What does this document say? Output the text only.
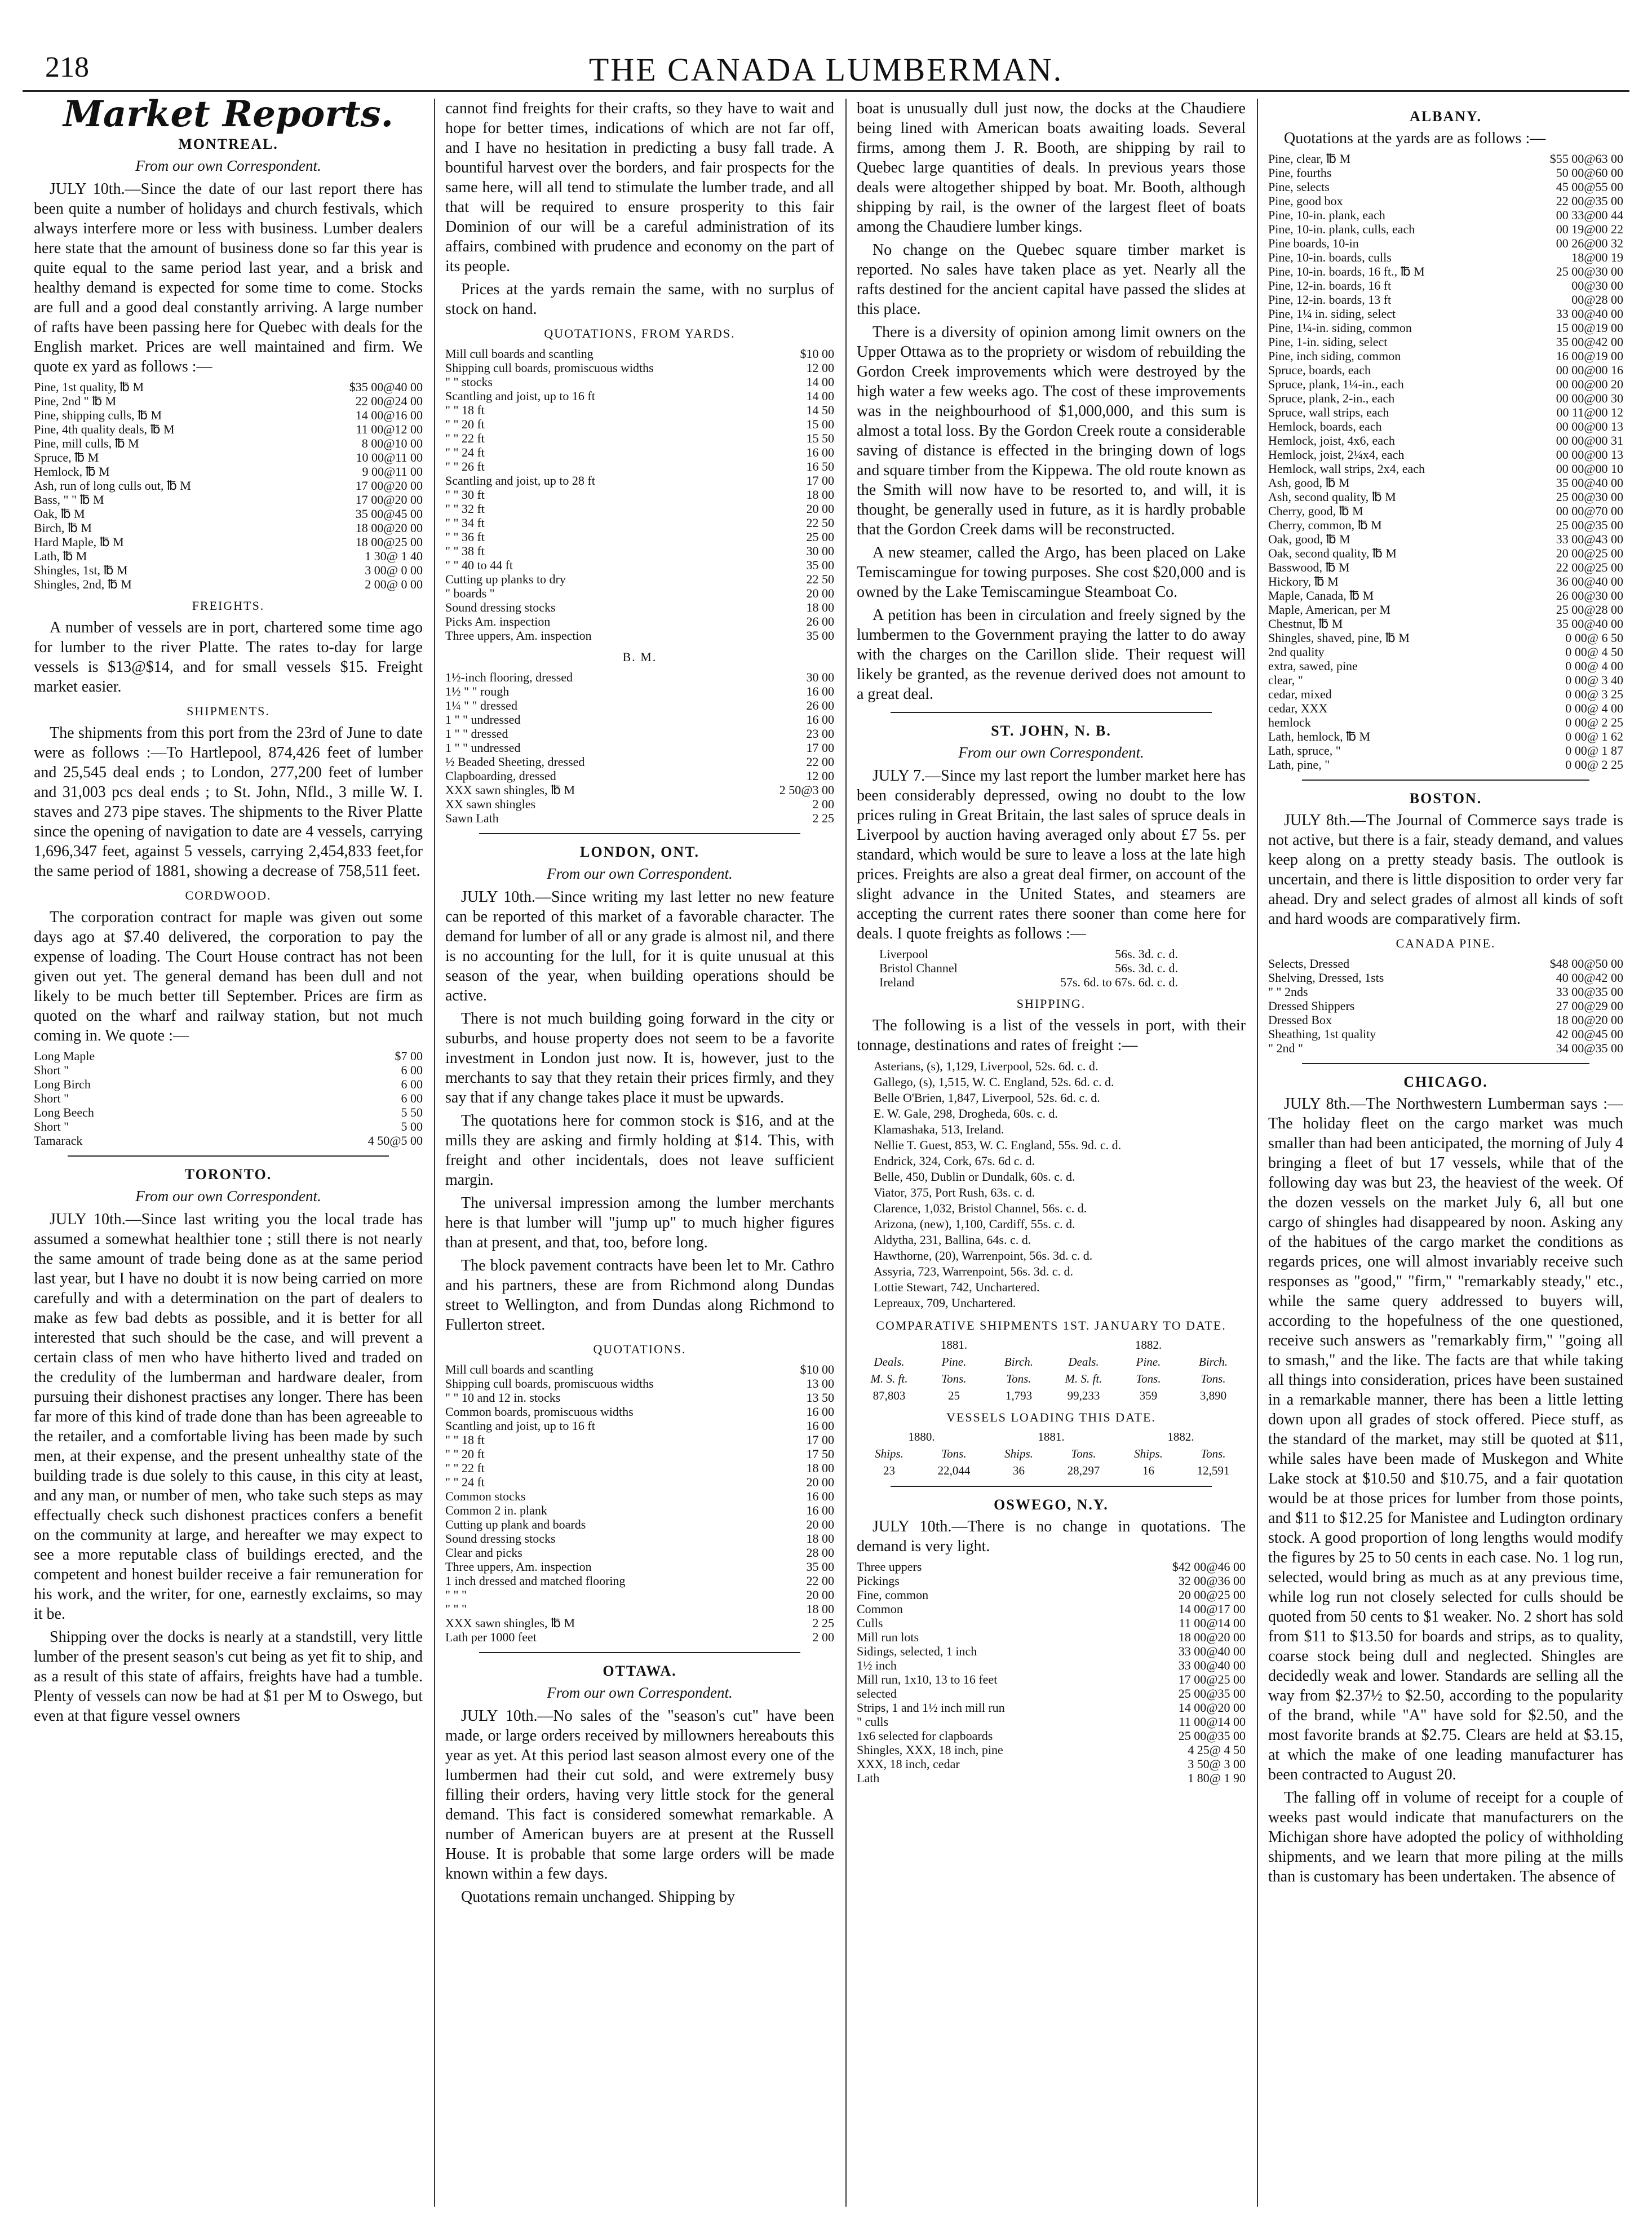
218	THE CANADA LUMBERMAN.
Market Reports.
MONTREAL.
From our own Correspondent.

JULY 10th.—Since the date of our last report there has been quite a number of holidays and church festivals, which always interfere more or less with business. Lumber dealers here state that the amount of business done so far this year is quite equal to the same period last year, and a brisk and healthy demand is expected for some time to come. Stocks are full and a good deal constantly arriving. A large number of rafts have been passing here for Quebec with deals for the English market. Prices are well maintained and firm. We quote ex yard as follows :—

Pine, 1st quality, ℔ M	$35 00@40 00
Pine, 2nd " ℔ M	22 00@24 00
Pine, shipping culls, ℔ M	14 00@16 00
Pine, 4th quality deals, ℔ M	11 00@12 00
Pine, mill culls, ℔ M	8 00@10 00
Spruce, ℔ M	10 00@11 00
Hemlock, ℔ M	9 00@11 00
Ash, run of long culls out, ℔ M	17 00@20 00
Bass, " " ℔ M	17 00@20 00
Oak, ℔ M	35 00@45 00
Birch, ℔ M	18 00@20 00
Hard Maple, ℔ M	18 00@25 00
Lath, ℔ M	1 30@ 1 40
Shingles, 1st, ℔ M	3 00@ 0 00
Shingles, 2nd, ℔ M	2 00@ 0 00
FREIGHTS.

A number of vessels are in port, chartered some time ago for lumber to the river Platte. The rates to-day for large vessels is $13@$14, and for small vessels $15. Freight market easier.

SHIPMENTS.

The shipments from this port from the 23rd of June to date were as follows :—To Hartlepool, 874,426 feet of lumber and 25,545 deal ends ; to London, 277,200 feet of lumber and 31,003 pcs deal ends ; to St. John, Nfld., 3 mille W. I. staves and 273 pipe staves. The shipments to the River Platte since the opening of navigation to date are 4 vessels, carrying 1,696,347 feet, against 5 vessels, carrying 2,454,833 feet,for the same period of 1881, showing a decrease of 758,511 feet.

CORDWOOD.

The corporation contract for maple was given out some days ago at $7.40 delivered, the corporation to pay the expense of loading. The Court House contract has not been given out yet. The general demand has been dull and not likely to be much better till September. Prices are firm as quoted on the wharf and railway station, but not much coming in. We quote :—

Long Maple	$7 00
Short "	6 00
Long Birch	6 00
Short "	6 00
Long Beech	5 50
Short "	5 00
Tamarack	4 50@5 00
TORONTO.
From our own Correspondent.

JULY 10th.—Since last writing you the local trade has assumed a somewhat healthier tone ; still there is not nearly the same amount of trade being done as at the same period last year, but I have no doubt it is now being carried on more carefully and with a determination on the part of dealers to make as few bad debts as possible, and it is better for all interested that such should be the case, and will prevent a certain class of men who have hitherto lived and traded on the credulity of the lumberman and hardware dealer, from pursuing their dishonest practises any longer. There has been far more of this kind of trade done than has been agreeable to the retailer, and a comfortable living has been made by such men, at their expense, and the present unhealthy state of the building trade is due solely to this cause, in this city at least, and any man, or number of men, who take such steps as may effectually check such dishonest practices confers a benefit on the community at large, and hereafter we may expect to see a more reputable class of buildings erected, and the competent and honest builder receive a fair remuneration for his work, and the writer, for one, earnestly exclaims, so may it be.

Shipping over the docks is nearly at a standstill, very little lumber of the present season's cut being as yet fit to ship, and as a result of this state of affairs, freights have had a tumble. Plenty of vessels can now be had at $1 per M to Oswego, but even at that figure vessel owners

cannot find freights for their crafts, so they have to wait and hope for better times, indications of which are not far off, and I have no hesitation in predicting a busy fall trade. A bountiful harvest over the borders, and fair prospects for the same here, will all tend to stimulate the lumber trade, and all that will be required to ensure prosperity to this fair Dominion of our will be a careful administration of its affairs, combined with prudence and economy on the part of its people.

Prices at the yards remain the same, with no surplus of stock on hand.

QUOTATIONS, FROM YARDS.
Mill cull boards and scantling	$10 00
Shipping cull boards, promiscuous widths	12 00
" " stocks	14 00
Scantling and joist, up to 16 ft	14 00
" " 18 ft	14 50
" " 20 ft	15 00
" " 22 ft	15 50
" " 24 ft	16 00
" " 26 ft	16 50
Scantling and joist, up to 28 ft	17 00
" " 30 ft	18 00
" " 32 ft	20 00
" " 34 ft	22 50
" " 36 ft	25 00
" " 38 ft	30 00
" " 40 to 44 ft	35 00
Cutting up planks to dry	22 50
" boards "	20 00
Sound dressing stocks	18 00
Picks Am. inspection	26 00
Three uppers, Am. inspection	35 00
B. M.
1½-inch flooring, dressed	30 00
1½ " " rough	16 00
1¼ " " dressed	26 00
1 " " undressed	16 00
1 " " dressed	23 00
1 " " undressed	17 00
½ Beaded Sheeting, dressed	22 00
Clapboarding, dressed	12 00
XXX sawn shingles, ℔ M	2 50@3 00
XX sawn shingles	2 00
Sawn Lath	2 25
LONDON, ONT.
From our own Correspondent.

JULY 10th.—Since writing my last letter no new feature can be reported of this market of a favorable character. The demand for lumber of all or any grade is almost nil, and there is no accounting for the lull, for it is quite unusual at this season of the year, when building operations should be active.

There is not much building going forward in the city or suburbs, and house property does not seem to be a favorite investment in London just now. It is, however, just to the merchants to say that they retain their prices firmly, and they say that if any change takes place it must be upwards.

The quotations here for common stock is $16, and at the mills they are asking and firmly holding at $14. This, with freight and other incidentals, does not leave sufficient margin.

The universal impression among the lumber merchants here is that lumber will "jump up" to much higher figures than at present, and that, too, before long.

The block pavement contracts have been let to Mr. Cathro and his partners, these are from Richmond along Dundas street to Wellington, and from Dundas along Richmond to Fullerton street.

QUOTATIONS.
Mill cull boards and scantling	$10 00
Shipping cull boards, promiscuous widths	13 00
" " 10 and 12 in. stocks	13 50
Common boards, promiscuous widths	16 00
Scantling and joist, up to 16 ft	16 00
" " 18 ft	17 00
" " 20 ft	17 50
" " 22 ft	18 00
" " 24 ft	20 00
Common stocks	16 00
Common 2 in. plank	16 00
Cutting up plank and boards	20 00
Sound dressing stocks	18 00
Clear and picks	28 00
Three uppers, Am. inspection	35 00
1 inch dressed and matched flooring	22 00
" " "	20 00
" " "	18 00
XXX sawn shingles, ℔ M	2 25
Lath per 1000 feet	2 00
OTTAWA.
From our own Correspondent.

JULY 10th.—No sales of the "season's cut" have been made, or large orders received by millowners hereabouts this year as yet. At this period last season almost every one of the lumbermen had their cut sold, and were extremely busy filling their orders, having very little stock for the general demand. This fact is considered somewhat remarkable. A number of American buyers are at present at the Russell House. It is probable that some large orders will be made known within a few days.

Quotations remain unchanged. Shipping by

boat is unusually dull just now, the docks at the Chaudiere being lined with American boats awaiting loads. Several firms, among them J. R. Booth, are shipping by rail to Quebec large quantities of deals. In previous years those deals were altogether shipped by boat. Mr. Booth, although shipping by rail, is the owner of the largest fleet of boats among the Chaudiere lumber kings.

No change on the Quebec square timber market is reported. No sales have taken place as yet. Nearly all the rafts destined for the ancient capital have passed the slides at this place.

There is a diversity of opinion among limit owners on the Upper Ottawa as to the propriety or wisdom of rebuilding the Gordon Creek improvements which were destroyed by the high water a few weeks ago. The cost of these improvements was in the neighbourhood of $1,000,000, and this sum is almost a total loss. By the Gordon Creek route a considerable saving of distance is effected in the bringing down of logs and square timber from the Kippewa. The old route known as the Smith will now have to be resorted to, and will, it is thought, be generally used in future, as it is hardly probable that the Gordon Creek dams will be reconstructed.

A new steamer, called the Argo, has been placed on Lake Temiscamingue for towing purposes. She cost $20,000 and is owned by the Lake Temiscamingue Steamboat Co.

A petition has been in circulation and freely signed by the lumbermen to the Government praying the latter to do away with the charges on the Carillon slide. Their request will likely be granted, as the revenue derived does not amount to a great deal.

ST. JOHN, N. B.
From our own Correspondent.

JULY 7.—Since my last report the lumber market here has been considerably depressed, owing no doubt to the low prices ruling in Great Britain, the last sales of spruce deals in Liverpool by auction having averaged only about £7 5s. per standard, which would be sure to leave a loss at the late high prices. Freights are also a great deal firmer, on account of the slight advance in the United States, and steamers are accepting the current rates there sooner than come here for deals. I quote freights as follows :—

Liverpool	56s. 3d. c. d.
Bristol Channel	56s. 3d. c. d.
Ireland	57s. 6d. to 67s. 6d. c. d.
SHIPPING.

The following is a list of the vessels in port, with their tonnage, destinations and rates of freight :—

Asterians, (s), 1,129, Liverpool, 52s. 6d. c. d.
Gallego, (s), 1,515, W. C. England, 52s. 6d. c. d.
Belle O'Brien, 1,847, Liverpool, 52s. 6d. c. d.
E. W. Gale, 298, Drogheda, 60s. c. d.
Klamashaka, 513, Ireland.
Nellie T. Guest, 853, W. C. England, 55s. 9d. c. d.
Endrick, 324, Cork, 67s. 6d c. d.
Belle, 450, Dublin or Dundalk, 60s. c. d.
Viator, 375, Port Rush, 63s. c. d.
Clarence, 1,032, Bristol Channel, 56s. c. d.
Arizona, (new), 1,100, Cardiff, 55s. c. d.
Aldytha, 231, Ballina, 64s. c. d.
Hawthorne, (20), Warrenpoint, 56s. 3d. c. d.
Assyria, 723, Warrenpoint, 56s. 3d. c. d.
Lottie Stewart, 742, Unchartered.
Lepreaux, 709, Unchartered.
COMPARATIVE SHIPMENTS 1ST. JANUARY TO DATE.
1881.	1882.
Deals.	Pine.	Birch.	Deals.	Pine.	Birch.
M. S. ft.	Tons.	Tons.	M. S. ft.	Tons.	Tons.
87,803	25	1,793	99,233	359	3,890
VESSELS LOADING THIS DATE.
1880.	1881.	1882.
Ships.	Tons.	Ships.	Tons.	Ships.	Tons.
23	22,044	36	28,297	16	12,591
OSWEGO, N.Y.

JULY 10th.—There is no change in quotations. The demand is very light.

Three uppers	$42 00@46 00
Pickings	32 00@36 00
Fine, common	20 00@25 00
Common	14 00@17 00
Culls	11 00@14 00
Mill run lots	18 00@20 00
Sidings, selected, 1 inch	33 00@40 00
1½ inch	33 00@40 00
Mill run, 1x10, 13 to 16 feet	17 00@25 00
selected	25 00@35 00
Strips, 1 and 1½ inch mill run	14 00@20 00
" culls	11 00@14 00
1x6 selected for clapboards	25 00@35 00
Shingles, XXX, 18 inch, pine	4 25@ 4 50
XXX, 18 inch, cedar	3 50@ 3 00
Lath	1 80@ 1 90
ALBANY.

Quotations at the yards are as follows :—

Pine, clear, ℔ M	$55 00@63 00
Pine, fourths	50 00@60 00
Pine, selects	45 00@55 00
Pine, good box	22 00@35 00
Pine, 10-in. plank, each	00 33@00 44
Pine, 10-in. plank, culls, each	00 19@00 22
Pine boards, 10-in	00 26@00 32
Pine, 10-in. boards, culls	18@00 19
Pine, 10-in. boards, 16 ft., ℔ M	25 00@30 00
Pine, 12-in. boards, 16 ft	00@30 00
Pine, 12-in. boards, 13 ft	00@28 00
Pine, 1¼ in. siding, select	33 00@40 00
Pine, 1¼-in. siding, common	15 00@19 00
Pine, 1-in. siding, select	35 00@42 00
Pine, inch siding, common	16 00@19 00
Spruce, boards, each	00 00@00 16
Spruce, plank, 1¼-in., each	00 00@00 20
Spruce, plank, 2-in., each	00 00@00 30
Spruce, wall strips, each	00 11@00 12
Hemlock, boards, each	00 00@00 13
Hemlock, joist, 4x6, each	00 00@00 31
Hemlock, joist, 2¼x4, each	00 00@00 13
Hemlock, wall strips, 2x4, each	00 00@00 10
Ash, good, ℔ M	35 00@40 00
Ash, second quality, ℔ M	25 00@30 00
Cherry, good, ℔ M	00 00@70 00
Cherry, common, ℔ M	25 00@35 00
Oak, good, ℔ M	33 00@43 00
Oak, second quality, ℔ M	20 00@25 00
Basswood, ℔ M	22 00@25 00
Hickory, ℔ M	36 00@40 00
Maple, Canada, ℔ M	26 00@30 00
Maple, American, per M	25 00@28 00
Chestnut, ℔ M	35 00@40 00
Shingles, shaved, pine, ℔ M	0 00@ 6 50
2nd quality	0 00@ 4 50
extra, sawed, pine	0 00@ 4 00
clear, "	0 00@ 3 40
cedar, mixed	0 00@ 3 25
cedar, XXX	0 00@ 4 00
hemlock	0 00@ 2 25
Lath, hemlock, ℔ M	0 00@ 1 62
Lath, spruce, "	0 00@ 1 87
Lath, pine, "	0 00@ 2 25
BOSTON.

JULY 8th.—The Journal of Commerce says trade is not active, but there is a fair, steady demand, and values keep along on a pretty steady basis. The outlook is uncertain, and there is little disposition to order very far ahead. Dry and select grades of almost all kinds of soft and hard woods are comparatively firm.

CANADA PINE.
Selects, Dressed	$48 00@50 00
Shelving, Dressed, 1sts	40 00@42 00
" " 2nds	33 00@35 00
Dressed Shippers	27 00@29 00
Dressed Box	18 00@20 00
Sheathing, 1st quality	42 00@45 00
" 2nd "	34 00@35 00
CHICAGO.

JULY 8th.—The Northwestern Lumberman says :—The holiday fleet on the cargo market was much smaller than had been anticipated, the morning of July 4 bringing a fleet of but 17 vessels, while that of the following day was but 23, the heaviest of the week. Of the dozen vessels on the market July 6, all but one cargo of shingles had disappeared by noon. Asking any of the habitues of the cargo market the conditions as regards prices, one will almost invariably receive such responses as "good," "firm," "remarkably steady," etc., while the same query addressed to buyers will, according to the hopefulness of the one questioned, receive such answers as "remarkably firm," "going all to smash," and the like. The facts are that while taking all things into consideration, prices have been sustained in a remarkable manner, there has been a little letting down upon all grades of stock offered. Piece stuff, as the standard of the market, may still be quoted at $11, while sales have been made of Muskegon and White Lake stock at $10.50 and $10.75, and a fair quotation would be at those prices for lumber from those points, and $11 to $12.25 for Manistee and Ludington ordinary stock. A good proportion of long lengths would modify the figures by 25 to 50 cents in each case. No. 1 log run, selected, would bring as much as at any previous time, while log run not closely selected for culls should be quoted from 50 cents to $1 weaker. No. 2 short has sold from $11 to $13.50 for boards and strips, as to quality, coarse stock being dull and neglected. Shingles are decidedly weak and lower. Standards are selling all the way from $2.37½ to $2.50, according to the popularity of the brand, while "A" have sold for $2.50, and the most favorite brands at $2.75. Clears are held at $3.15, at which the make of one leading manufacturer has been contracted to August 20.

The falling off in volume of receipt for a couple of weeks past would indicate that manufacturers on the Michigan shore have adopted the policy of withholding shipments, and we learn that more piling at the mills than is customary has been undertaken. The absence of
